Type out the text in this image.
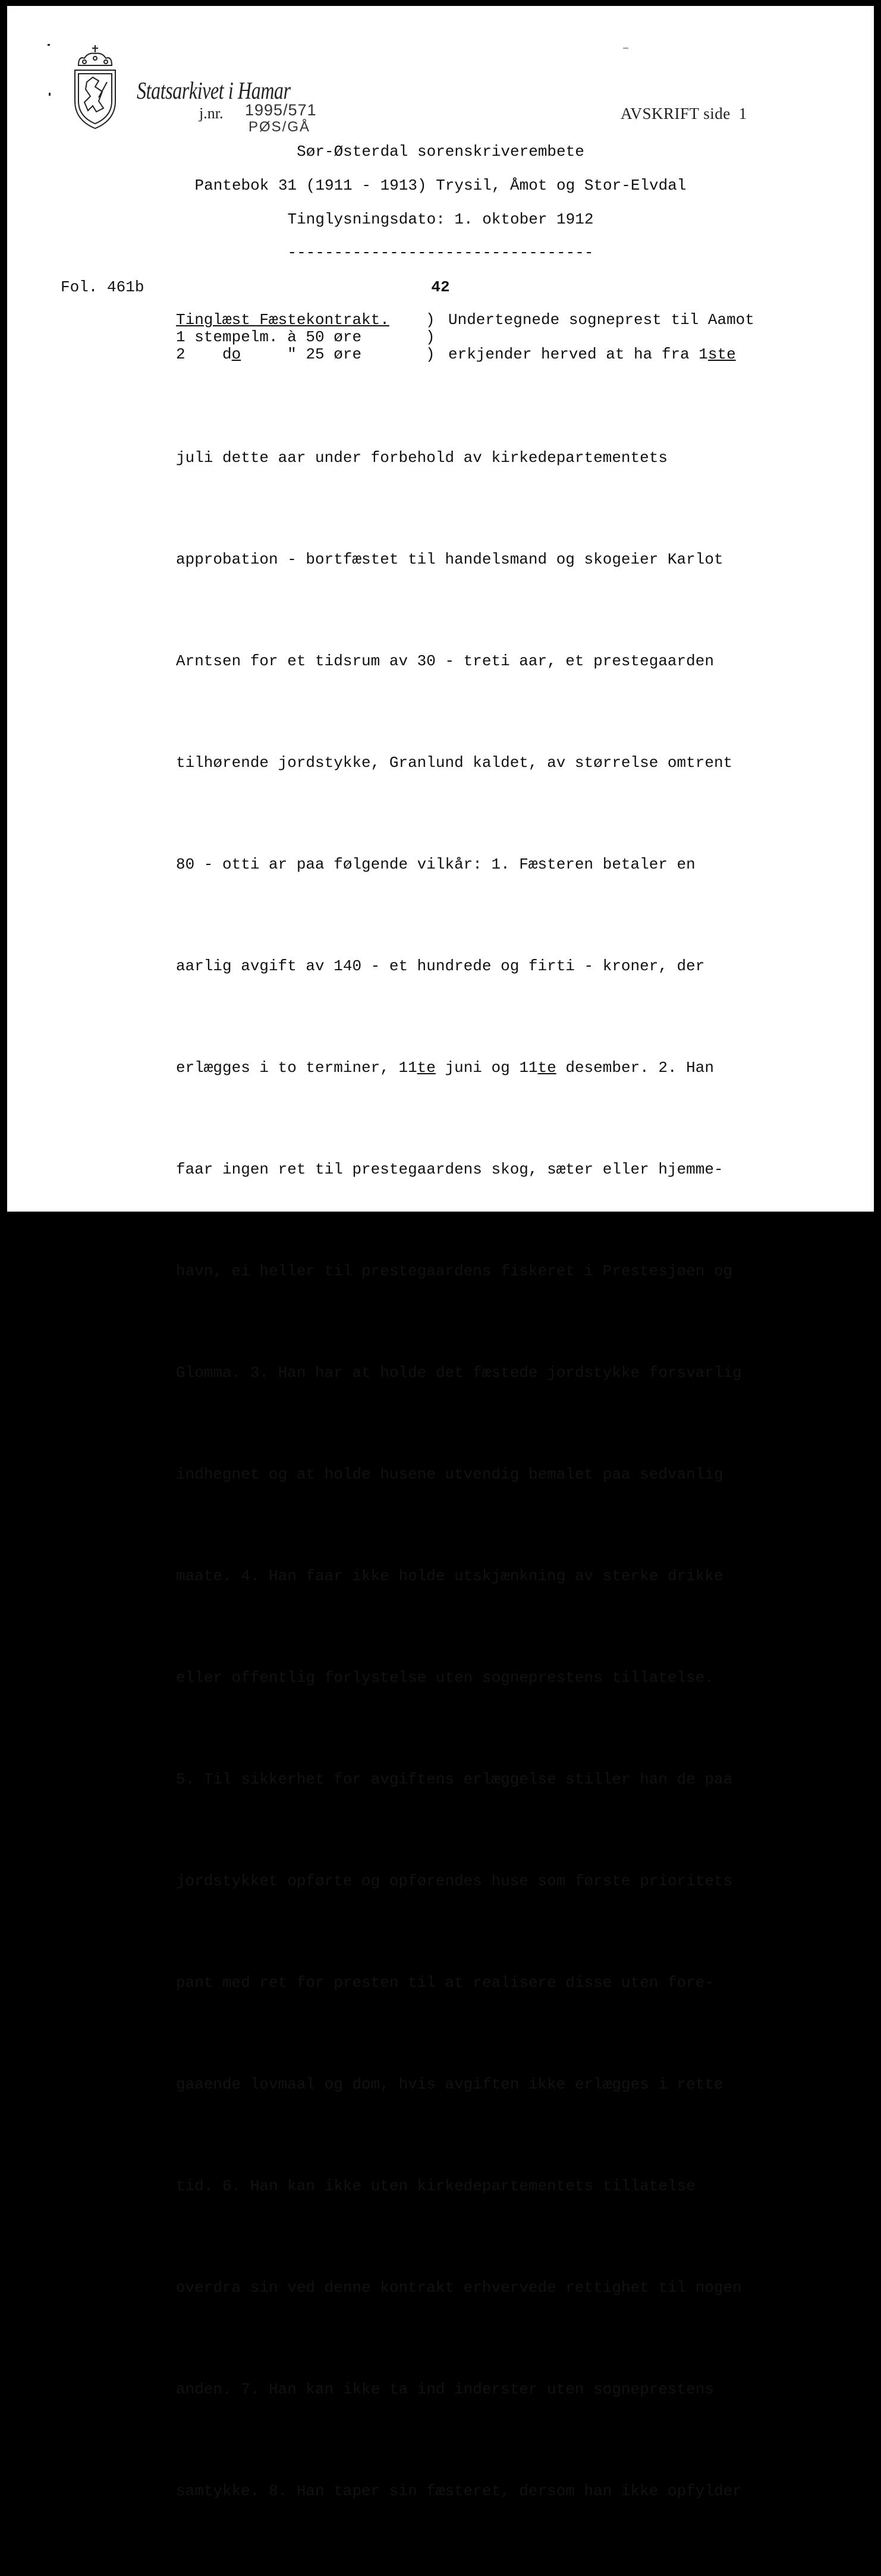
Statsarkivet i Hamar
j.nr. 1995/571
PØS/GÅ
AVSKRIFT side 1
Sør-Østerdal sorenskriverembete
Pantebok 31 (1911 - 1913) Trysil, Åmot og Stor-Elvdal
Tinglysningsdato: 1. oktober 1912
---------------------------------
Fol. 461b	42
Tinglæst Fæstekontrakt.	) Undertegnede sogneprest til Aamot
1 stempelm. à 50 øre	)
2    do     " 25 øre	) erkjender herved at ha fra 1ste

juli dette aar under forbehold av kirkedepartementets

approbation - bortfæstet til handelsmand og skogeier Karlot

Arntsen for et tidsrum av 30 - treti aar, et prestegaarden

tilhørende jordstykke, Granlund kaldet, av størrelse omtrent

80 - otti ar paa følgende vilkår: 1. Fæsteren betaler en

aarlig avgift av 140 - et hundrede og firti - kroner, der

erlægges i to terminer, 11te juni og 11te desember. 2. Han

faar ingen ret til prestegaardens skog, sæter eller hjemme-

havn, ei heller til prestegaardens fiskeret i Prestesjøen og

Glomma. 3. Han har at holde det fæstede jordstykke forsvarlig

indhegnet og at holde husene utvendig bemalet paa sedvanlig

maate. 4. Han faar ikke holde utskjænkning av sterke drikke

eller offentlig forlystelse uten sogneprestens tillatelse.

5. Til sikkerhet for avgiftens erlæggelse stiller han de paa

jordstykket opførte og opførendes huse som første prioritets

pant med ret for presten til at realisere disse uten fore-

gaaende lovmaal og dom, hvis avgiften ikke erlægges i rette

tid. 6. Han kan ikke uten kirkedepartementets tillatelse

overdra sin ved denne kontrakt erhvervede rettighet til nogen

anden. 7. Han kan ikke ta ind inderster uten sogneprestens

samtykke. 8. Han taper sin fæsteret, dersom han ikke opfylder
